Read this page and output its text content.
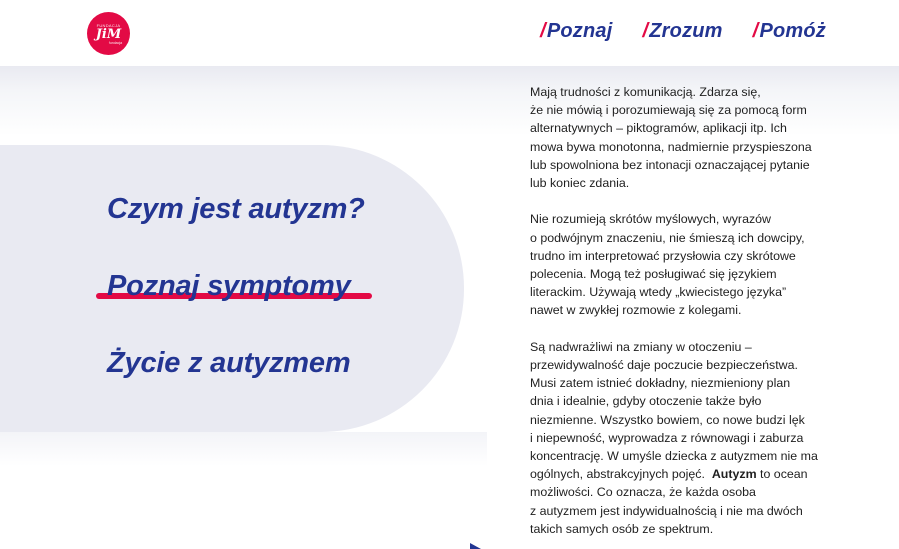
FUNDACJA
JiM
fundacja
/Poznaj /Zrozum /Pomóż
Czym jest autyzm?
Poznaj symptomy
Życie z autyzmem

Mają trudności z komunikacją. Zdarza się,
że nie mówią i porozumiewają się za pomocą form
alternatywnych – piktogramów, aplikacji itp. Ich
mowa bywa monotonna, nadmiernie przyspieszona
lub spowolniona bez intonacji oznaczającej pytanie
lub koniec zdania.

Nie rozumieją skrótów myślowych, wyrazów
o podwójnym znaczeniu, nie śmieszą ich dowcipy,
trudno im interpretować przysłowia czy skrótowe
polecenia. Mogą też posługiwać się językiem
literackim. Używają wtedy „kwiecistego języka”
nawet w zwykłej rozmowie z kolegami.

Są nadwrażliwi na zmiany w otoczeniu –
przewidywalność daje poczucie bezpieczeństwa.
Musi zatem istnieć dokładny, niezmieniony plan
dnia i idealnie, gdyby otoczenie także było
niezmienne. Wszystko bowiem, co nowe budzi lęk
i niepewność, wyprowadza z równowagi i zaburza
koncentrację. W umyśle dziecka z autyzmem nie ma
ogólnych, abstrakcyjnych pojęć. Autyzm to ocean
możliwości. Co oznacza, że każda osoba
z autyzmem jest indywidualnością i nie ma dwóch
takich samych osób ze spektrum.
